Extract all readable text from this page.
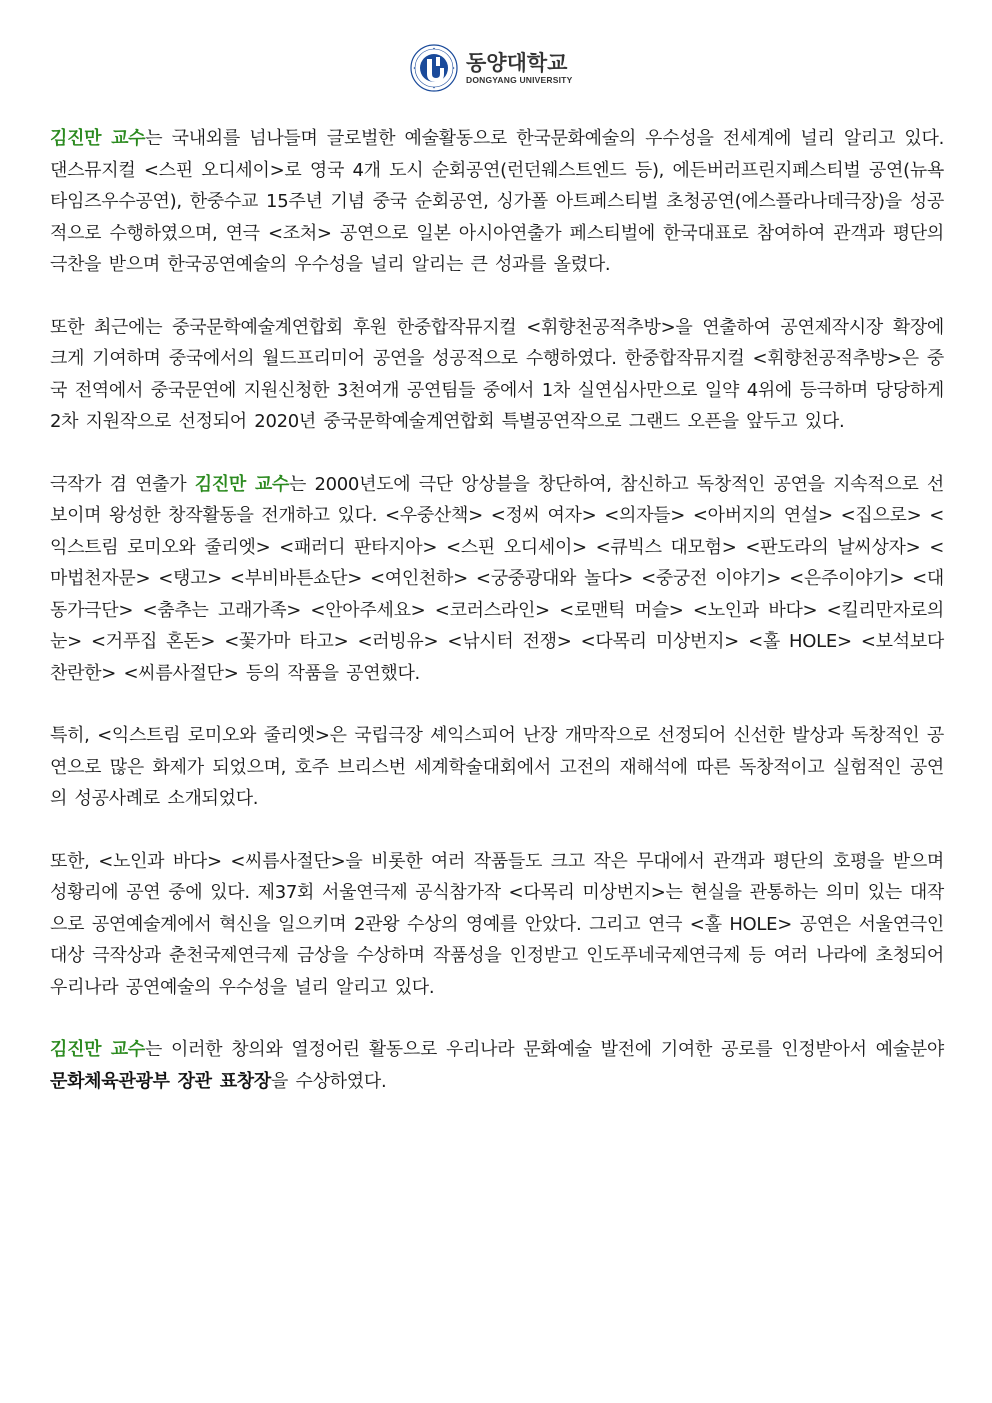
동양대학교
DONGYANG UNIVERSITY

김진만 교수는 국내외를 넘나들며 글로벌한 예술활동으로 한국문화예술의 우수성을 전세계에 널리 알리고 있다. 댄스뮤지컬 <스핀 오디세이>로 영국 4개 도시 순회공연(런던웨스트엔드 등), 에든버러프린지페스티벌 공연(뉴욕타임즈우수공연), 한중수교 15주년 기념 중국 순회공연, 싱가폴 아트페스티벌 초청공연(에스플라나데극장)을 성공적으로 수행하였으며, 연극 <조처> 공연으로 일본 아시아연출가 페스티벌에 한국대표로 참여하여 관객과 평단의 극찬을 받으며 한국공연예술의 우수성을 널리 알리는 큰 성과를 올렸다.

또한 최근에는 중국문학예술계연합회 후원 한중합작뮤지컬 <휘향천공적추방>을 연출하여 공연제작시장 확장에 크게 기여하며 중국에서의 월드프리미어 공연을 성공적으로 수행하였다. 한중합작뮤지컬 <휘향천공적추방>은 중국 전역에서 중국문연에 지원신청한 3천여개 공연팀들 중에서 1차 실연심사만으로 일약 4위에 등극하며 당당하게 2차 지원작으로 선정되어 2020년 중국문학예술계연합회 특별공연작으로 그랜드 오픈을 앞두고 있다.

극작가 겸 연출가 김진만 교수는 2000년도에 극단 앙상블을 창단하여, 참신하고 독창적인 공연을 지속적으로 선보이며 왕성한 창작활동을 전개하고 있다. <우중산책> <정씨 여자> <의자들> <아버지의 연설> <집으로> <익스트림 로미오와 줄리엣> <패러디 판타지아> <스핀 오디세이> <큐빅스 대모험> <판도라의 날씨상자> <마법천자문> <탱고> <부비바튼쇼단> <여인천하> <궁중광대와 놀다> <중궁전 이야기> <은주이야기> <대동가극단> <춤추는 고래가족> <안아주세요> <코러스라인> <로맨틱 머슬> <노인과 바다> <킬리만자로의 눈> <거푸집 혼돈> <꽃가마 타고> <러빙유> <낚시터 전쟁> <다목리 미상번지> <홀 HOLE> <보석보다 찬란한> <씨름사절단> 등의 작품을 공연했다.

특히, <익스트림 로미오와 줄리엣>은 국립극장 셰익스피어 난장 개막작으로 선정되어 신선한 발상과 독창적인 공연으로 많은 화제가 되었으며, 호주 브리스번 세계학술대회에서 고전의 재해석에 따른 독창적이고 실험적인 공연의 성공사례로 소개되었다.

또한, <노인과 바다> <씨름사절단>을 비롯한 여러 작품들도 크고 작은 무대에서 관객과 평단의 호평을 받으며 성황리에 공연 중에 있다. 제37회 서울연극제 공식참가작 <다목리 미상번지>는 현실을 관통하는 의미 있는 대작으로 공연예술계에서 혁신을 일으키며 2관왕 수상의 영예를 안았다. 그리고 연극 <홀 HOLE> 공연은 서울연극인대상 극작상과 춘천국제연극제 금상을 수상하며 작품성을 인정받고 인도푸네국제연극제 등 여러 나라에 초청되어 우리나라 공연예술의 우수성을 널리 알리고 있다.

김진만 교수는 이러한 창의와 열정어린 활동으로 우리나라 문화예술 발전에 기여한 공로를 인정받아서 예술분야 문화체육관광부 장관 표창장을 수상하였다.
